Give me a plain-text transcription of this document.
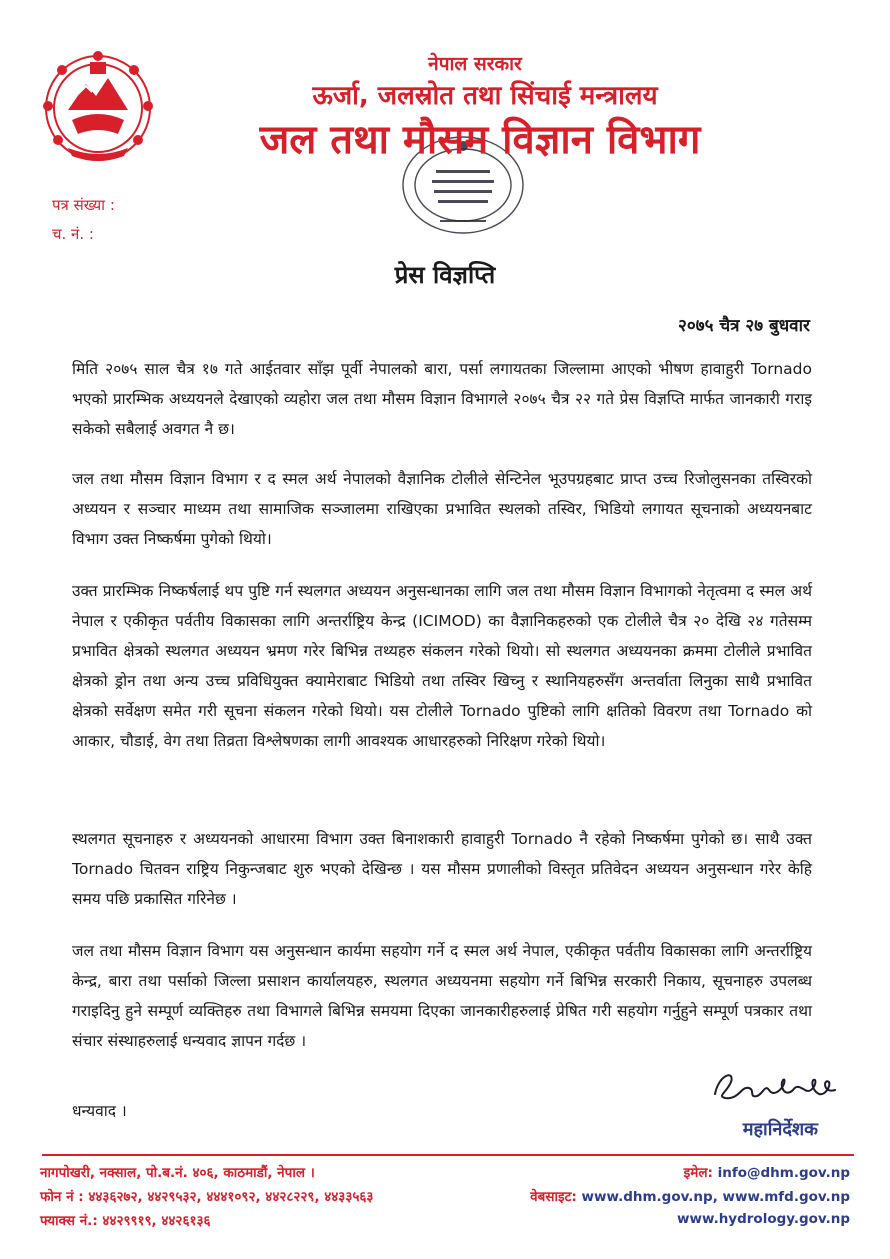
नेपाल सरकार
ऊर्जा, जलस्रोत तथा सिंचाई मन्त्रालय
जल तथा मौसम विज्ञान विभाग
पत्र संख्या :
च. नं. :
प्रेस विज्ञप्ति
२०७५ चैत्र २७ बुधवार
मिति २०७५ साल चैत्र १७ गते आईतवार साँझ पूर्वी नेपालको बारा, पर्सा लगायतका जिल्लामा आएको भीषण हावाहुरी Tornado भएको प्रारम्भिक अध्ययनले देखाएको व्यहोरा जल तथा मौसम विज्ञान विभागले २०७५ चैत्र २२ गते प्रेस विज्ञप्ति मार्फत जानकारी गराइ सकेको सबैलाई अवगत नै छ।
जल तथा मौसम विज्ञान विभाग र द स्मल अर्थ नेपालको वैज्ञानिक टोलीले सेन्टिनेल भूउपग्रहबाट प्राप्त उच्च रिजोलुसनका तस्विरको अध्ययन र सञ्चार माध्यम तथा सामाजिक सञ्जालमा राखिएका प्रभावित स्थलको तस्विर, भिडियो लगायत सूचनाको अध्ययनबाट विभाग उक्त निष्कर्षमा पुगेको थियो।
उक्त प्रारम्भिक निष्कर्षलाई थप पुष्टि गर्न स्थलगत अध्ययन अनुसन्धानका लागि जल तथा मौसम विज्ञान विभागको नेतृत्वमा द स्मल अर्थ नेपाल र एकीकृत पर्वतीय विकासका लागि अन्तर्राष्ट्रिय केन्द्र (ICIMOD) का वैज्ञानिकहरुको एक टोलीले चैत्र २० देखि २४ गतेसम्म प्रभावित क्षेत्रको स्थलगत अध्ययन भ्रमण गरेर बिभिन्न तथ्यहरु संकलन गरेको थियो। सो स्थलगत अध्ययनका क्रममा टोलीले प्रभावित क्षेत्रको ड्रोन तथा अन्य उच्च प्रविधियुक्त क्यामेराबाट भिडियो तथा तस्विर खिच्नु र स्थानियहरुसँग अन्तर्वाता लिनुका साथै प्रभावित क्षेत्रको सर्वेक्षण समेत गरी सूचना संकलन गरेको थियो। यस टोलीले Tornado पुष्टिको लागि क्षतिको विवरण तथा Tornado को आकार, चौडाई, वेग तथा तिव्रता विश्लेषणका लागी आवश्यक आधारहरुको निरिक्षण गरेको थियो।
स्थलगत सूचनाहरु र अध्ययनको आधारमा विभाग उक्त बिनाशकारी हावाहुरी Tornado नै रहेको निष्कर्षमा पुगेको छ। साथै उक्त Tornado चितवन राष्ट्रिय निकुन्जबाट शुरु भएको देखिन्छ । यस मौसम प्रणालीको विस्तृत प्रतिवेदन अध्ययन अनुसन्धान गरेर केहि समय पछि प्रकासित गरिनेछ ।
जल तथा मौसम विज्ञान विभाग यस अनुसन्धान कार्यमा सहयोग गर्ने द स्मल अर्थ नेपाल, एकीकृत पर्वतीय विकासका लागि अन्तर्राष्ट्रिय केन्द्र, बारा तथा पर्साको जिल्ला प्रसाशन कार्यालयहरु, स्थलगत अध्ययनमा सहयोग गर्ने बिभिन्न सरकारी निकाय, सूचनाहरु उपलब्ध गराइदिनु हुने सम्पूर्ण व्यक्तिहरु तथा विभागले बिभिन्न समयमा दिएका जानकारीहरुलाई प्रेषित गरी सहयोग गर्नुहुने सम्पूर्ण पत्रकार तथा संचार संस्थाहरुलाई धन्यवाद ज्ञापन गर्दछ ।
धन्यवाद ।
महानिर्देशक
नागपोखरी, नक्साल, पो.ब.नं. ४०६, काठमाडौं, नेपाल ।
फोन नं : ४४३६२७२, ४४२९५३२, ४४४१०९२, ४४२८२२९, ४४३३५६३
फ्याक्स नं.: ४४२९९१९, ४४२६१३६
इमेल: info@dhm.gov.np
वेबसाइट: www.dhm.gov.np, www.mfd.gov.np
www.hydrology.gov.np
